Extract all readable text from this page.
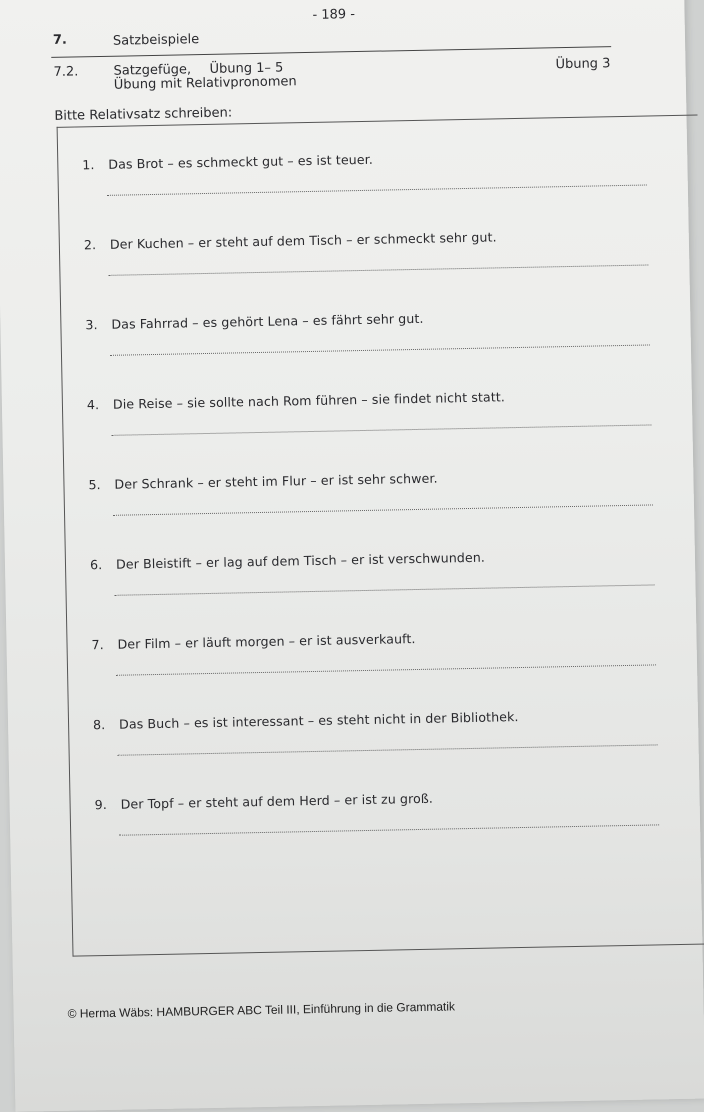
- 189 -
7.	Satzbeispiele
7.2.	Satzgefüge, Übung 1– 5
Übung mit Relativpronomen
Übung 3
Bitte Relativsatz schreiben:
1. Das Brot – es schmeckt gut – es ist teuer.
2. Der Kuchen – er steht auf dem Tisch – er schmeckt sehr gut.
3. Das Fahrrad – es gehört Lena – es fährt sehr gut.
4. Die Reise – sie sollte nach Rom führen – sie findet nicht statt.
5. Der Schrank – er steht im Flur – er ist sehr schwer.
6. Der Bleistift – er lag auf dem Tisch – er ist verschwunden.
7. Der Film – er läuft morgen – er ist ausverkauft.
8. Das Buch – es ist interessant – es steht nicht in der Bibliothek.
9. Der Topf – er steht auf dem Herd – er ist zu groß.
© Herma Wäbs: HAMBURGER ABC Teil III, Einführung in die Grammatik
